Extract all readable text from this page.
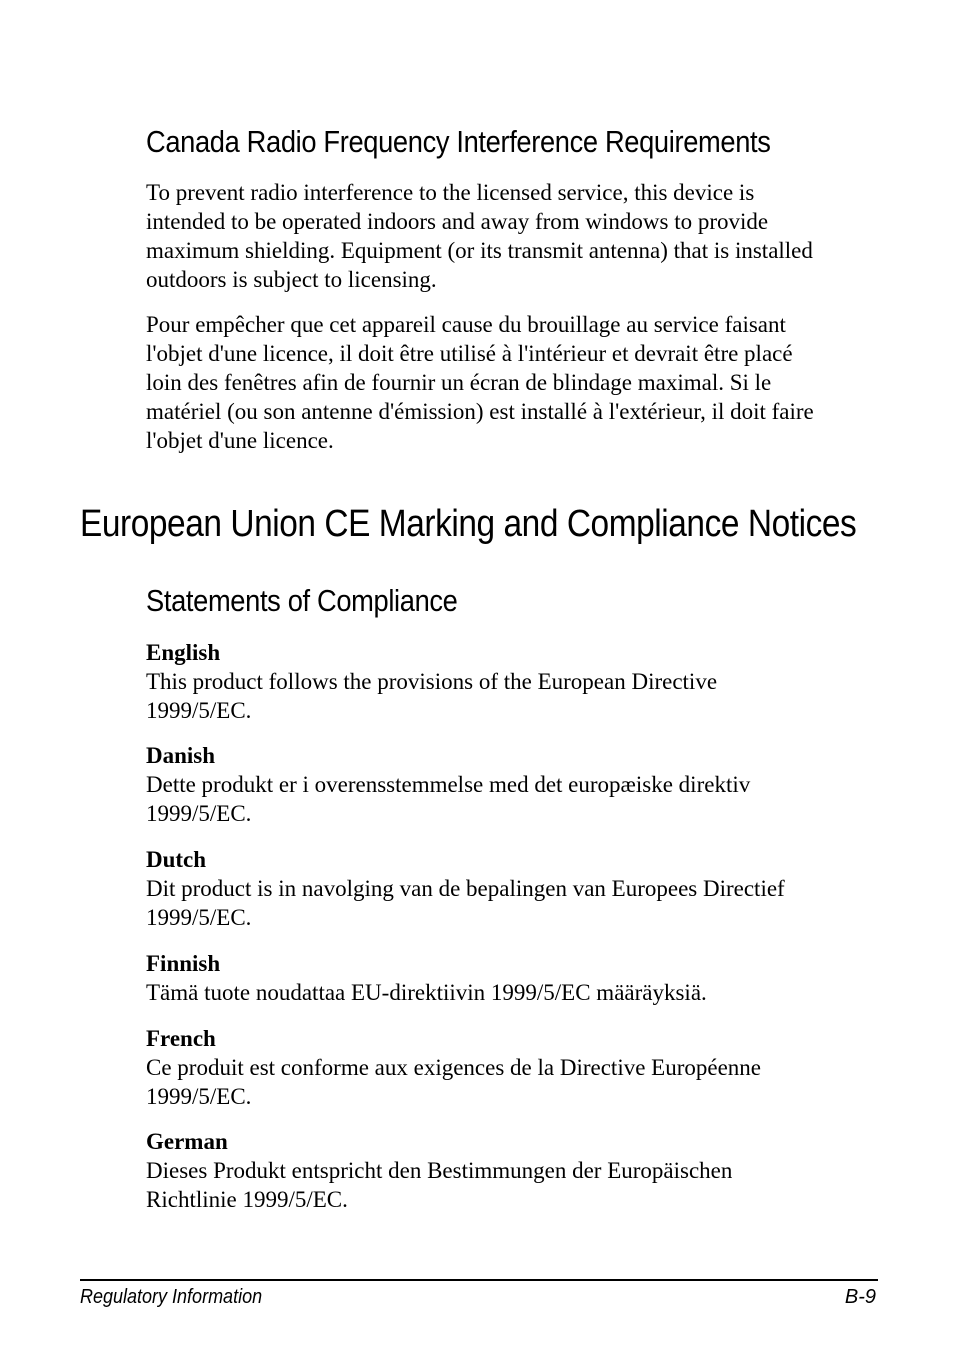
Canada Radio Frequency Interference Requirements
To prevent radio interference to the licensed service, this device is
intended to be operated indoors and away from windows to provide
maximum shielding. Equipment (or its transmit antenna) that is installed
outdoors is subject to licensing.
Pour empêcher que cet appareil cause du brouillage au service faisant
l'objet d'une licence, il doit être utilisé à l'intérieur et devrait être placé
loin des fenêtres afin de fournir un écran de blindage maximal. Si le
matériel (ou son antenne d'émission) est installé à l'extérieur, il doit faire
l'objet d'une licence.
European Union CE Marking and Compliance Notices
Statements of Compliance
English
This product follows the provisions of the European Directive
1999/5/EC.
Danish
Dette produkt er i overensstemmelse med det europæiske direktiv
1999/5/EC.
Dutch
Dit product is in navolging van de bepalingen van Europees Directief
1999/5/EC.
Finnish
Tämä tuote noudattaa EU-direktiivin 1999/5/EC määräyksiä.
French
Ce produit est conforme aux exigences de la Directive Européenne
1999/5/EC.
German
Dieses Produkt entspricht den Bestimmungen der Europäischen
Richtlinie 1999/5/EC.
Regulatory Information	B-9
